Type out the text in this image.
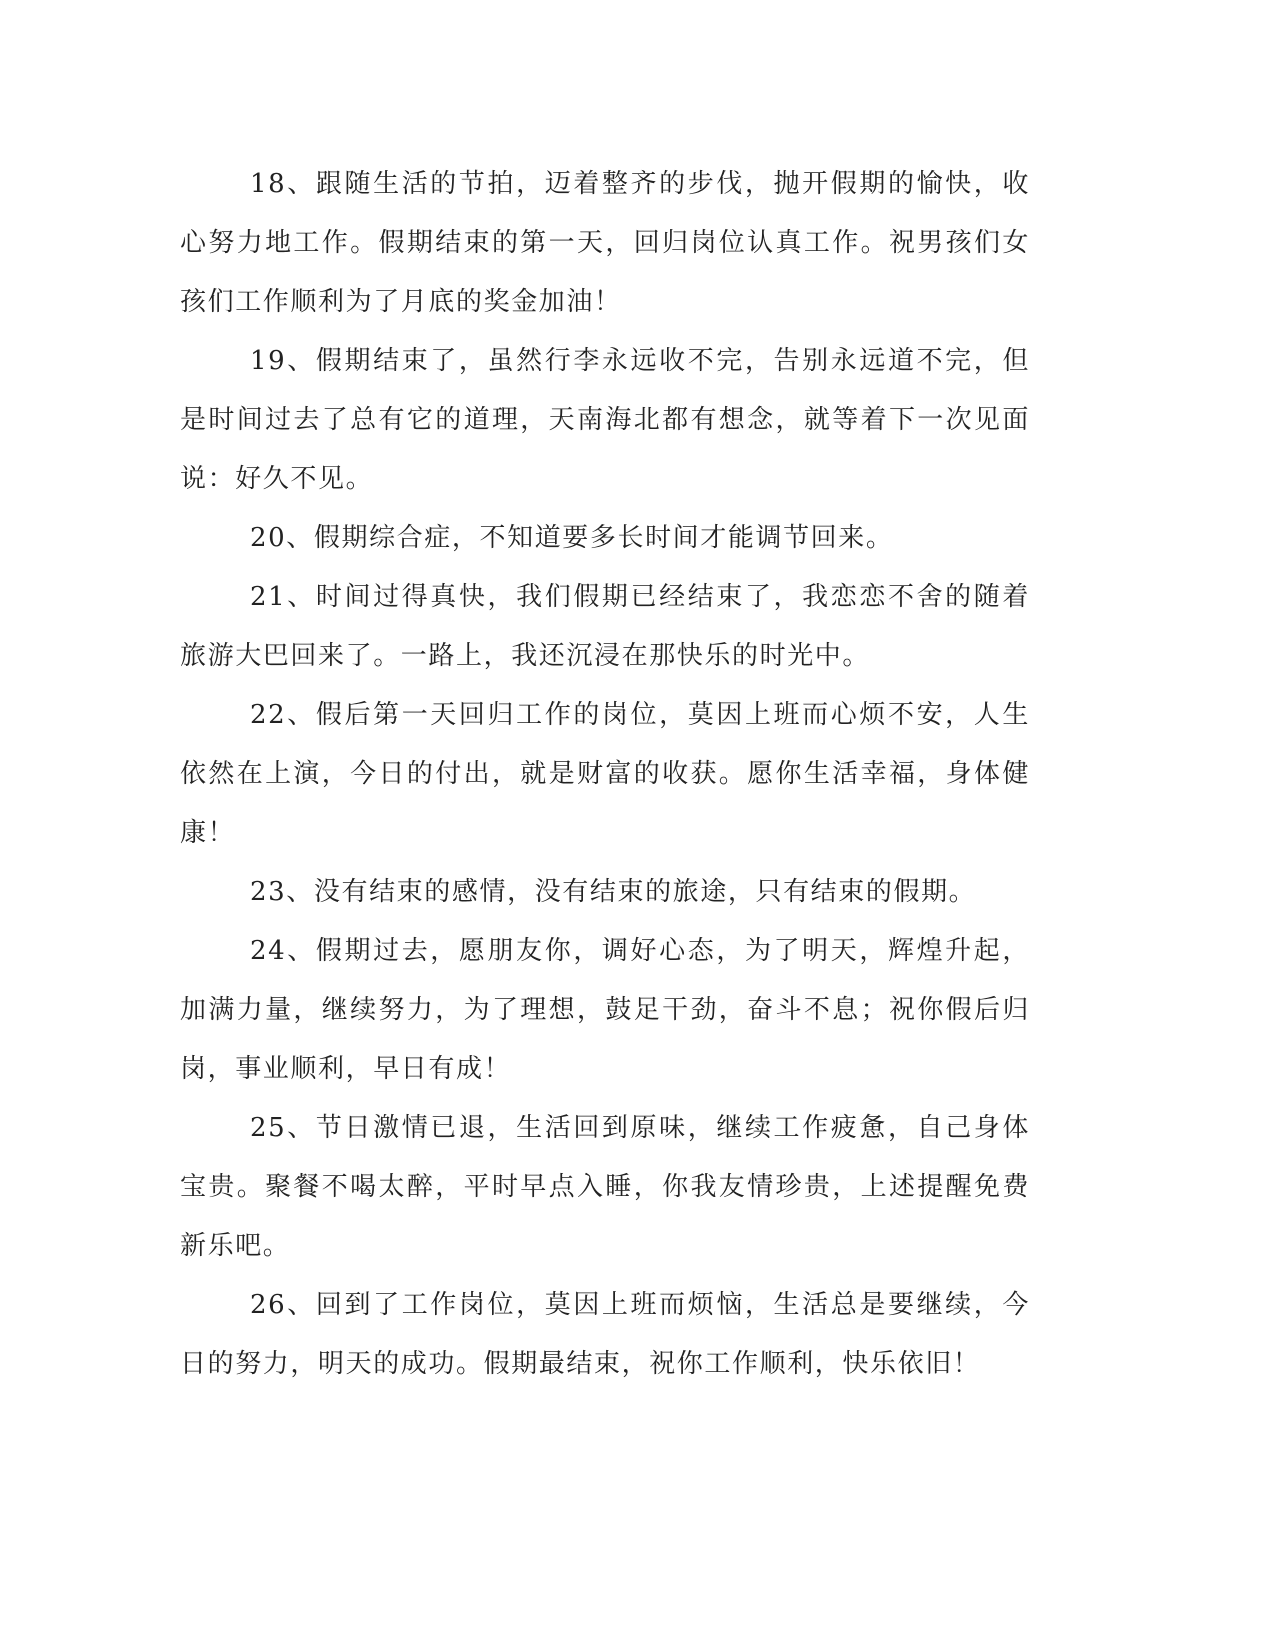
18、跟随生活的节拍，迈着整齐的步伐，抛开假期的愉快，收心努力地工作。假期结束的第一天，回归岗位认真工作。祝男孩们女孩们工作顺利为了月底的奖金加油！

19、假期结束了，虽然行李永远收不完，告别永远道不完，但是时间过去了总有它的道理，天南海北都有想念，就等着下一次见面说：好久不见。

20、假期综合症，不知道要多长时间才能调节回来。

21、时间过得真快，我们假期已经结束了，我恋恋不舍的随着旅游大巴回来了。一路上，我还沉浸在那快乐的时光中。

22、假后第一天回归工作的岗位，莫因上班而心烦不安，人生依然在上演，今日的付出，就是财富的收获。愿你生活幸福，身体健康！

23、没有结束的感情，没有结束的旅途，只有结束的假期。

24、假期过去，愿朋友你，调好心态，为了明天，辉煌升起，加满力量，继续努力，为了理想，鼓足干劲，奋斗不息；祝你假后归岗，事业顺利，早日有成！

25、节日激情已退，生活回到原味，继续工作疲惫，自己身体宝贵。聚餐不喝太醉，平时早点入睡，你我友情珍贵，上述提醒免费新乐吧。

26、回到了工作岗位，莫因上班而烦恼，生活总是要继续，今日的努力，明天的成功。假期最结束，祝你工作顺利，快乐依旧！
